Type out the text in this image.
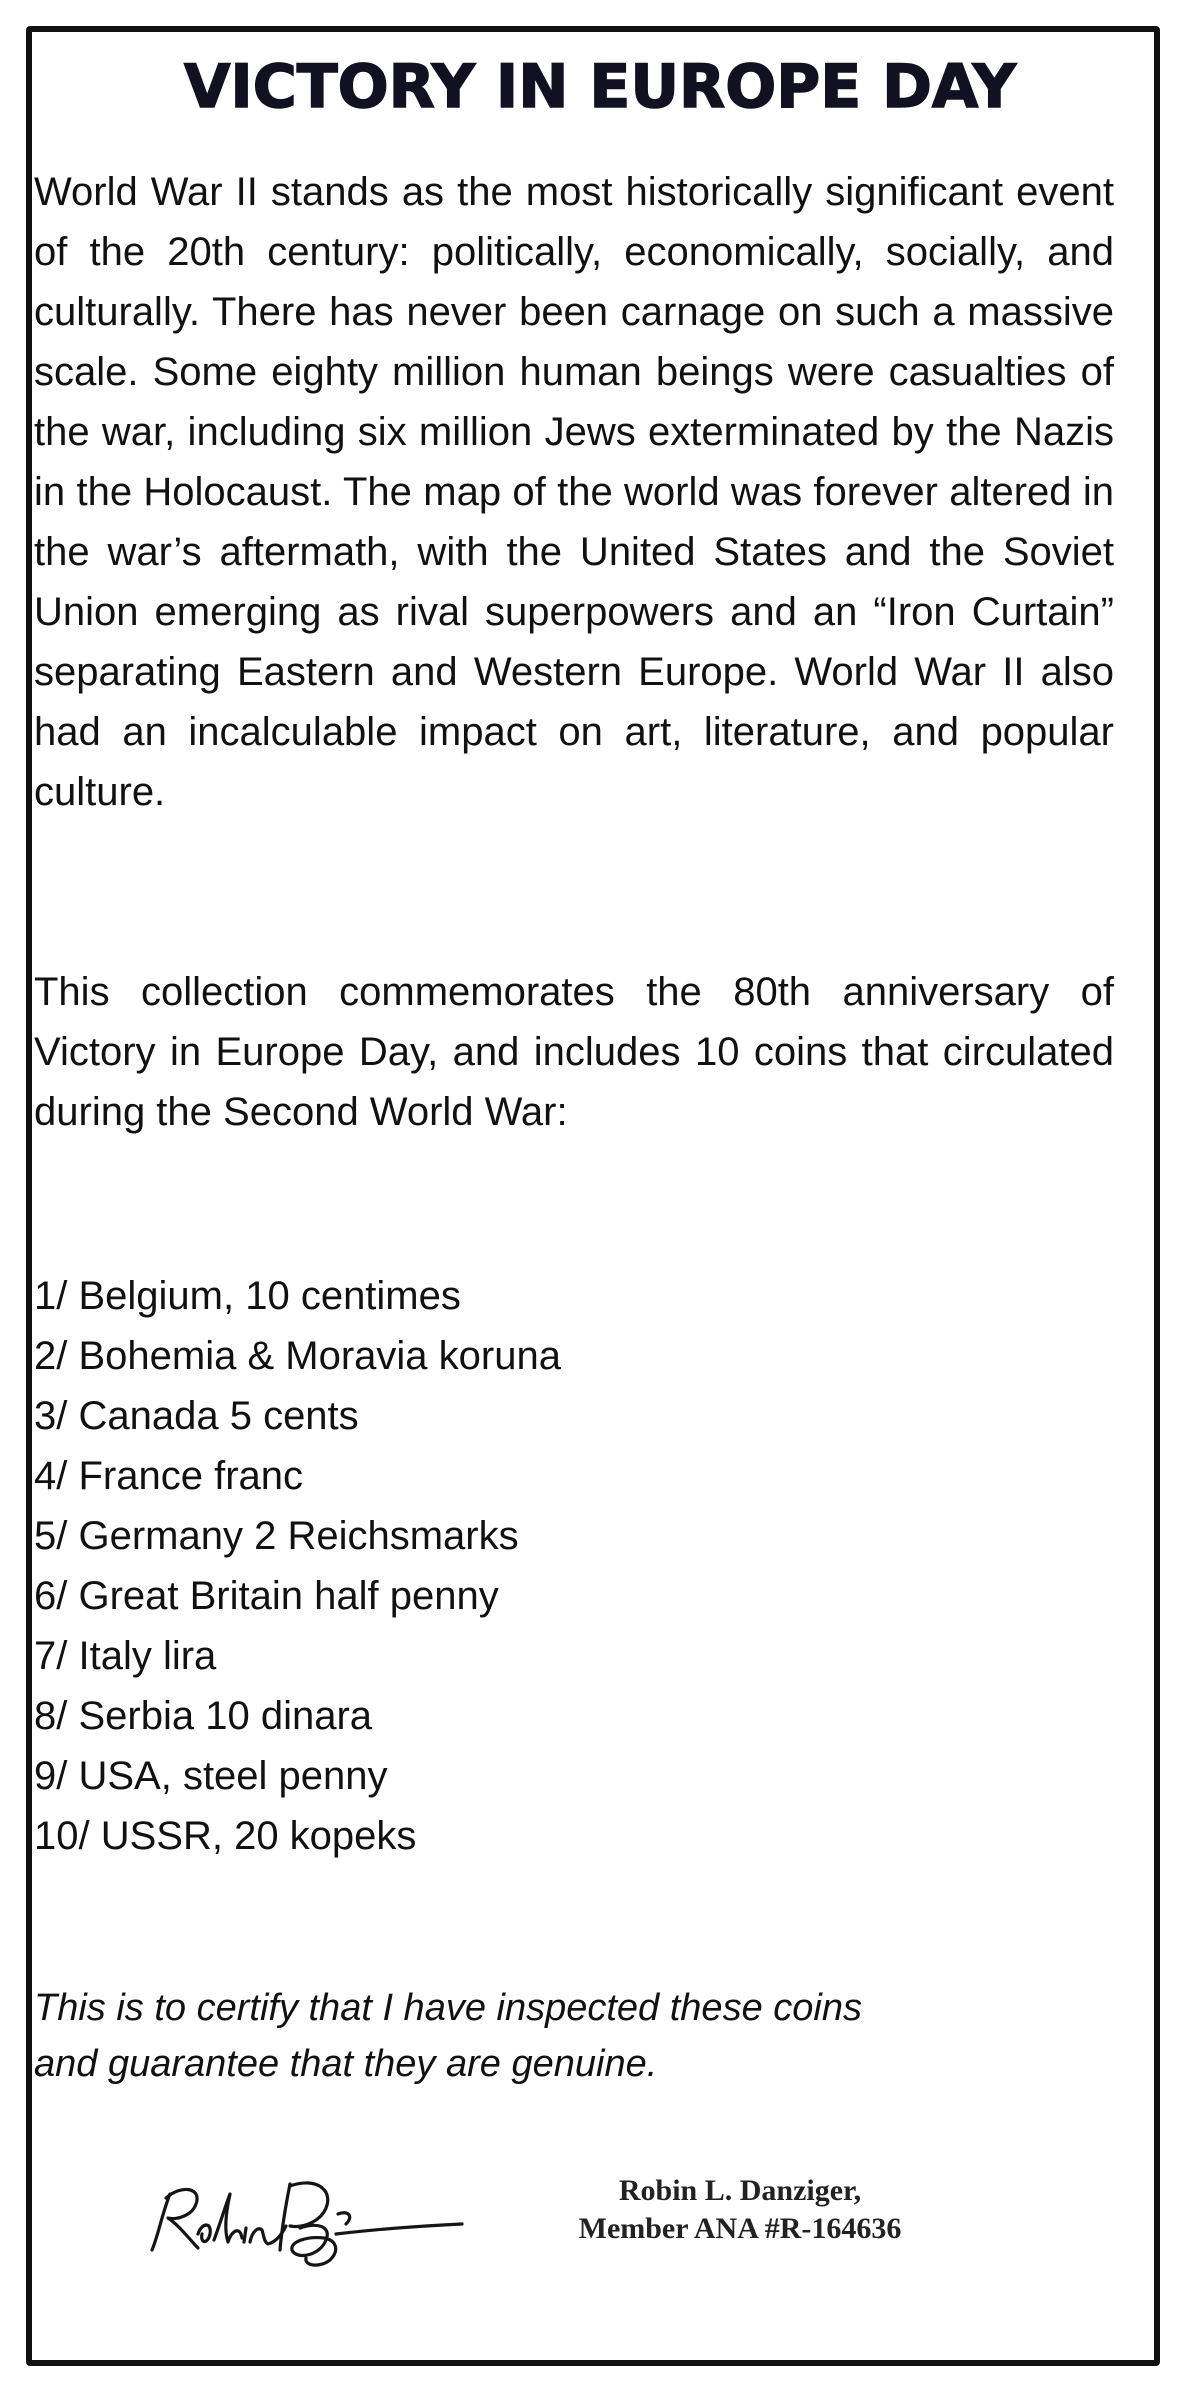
VICTORY IN EUROPE DAY

World War II stands as the most historically significant event of the 20th century: politically, economically, socially, and culturally. There has never been carnage on such a massive scale. Some eighty million human beings were casualties of the war, including six million Jews exterminated by the Nazis in the Holocaust. The map of the world was forever altered in the war’s aftermath, with the United States and the Soviet Union emerging as rival superpowers and an “Iron Curtain” separating Eastern and Western Europe. World War II also had an incalculable impact on art, literature, and popular culture.

This collection commemorates the 80th anniversary of Victory in Europe Day, and includes 10 coins that circulated during the Second World War:

1/ Belgium, 10 centimes
2/ Bohemia & Moravia koruna
3/ Canada 5 cents
4/ France franc
5/ Germany 2 Reichsmarks
6/ Great Britain half penny
7/ Italy lira
8/ Serbia 10 dinara
9/ USA, steel penny
10/ USSR, 20 kopeks
This is to certify that I have inspected these coins
and guarantee that they are genuine.
Robin L. Danziger,
Member ANA #R-164636
